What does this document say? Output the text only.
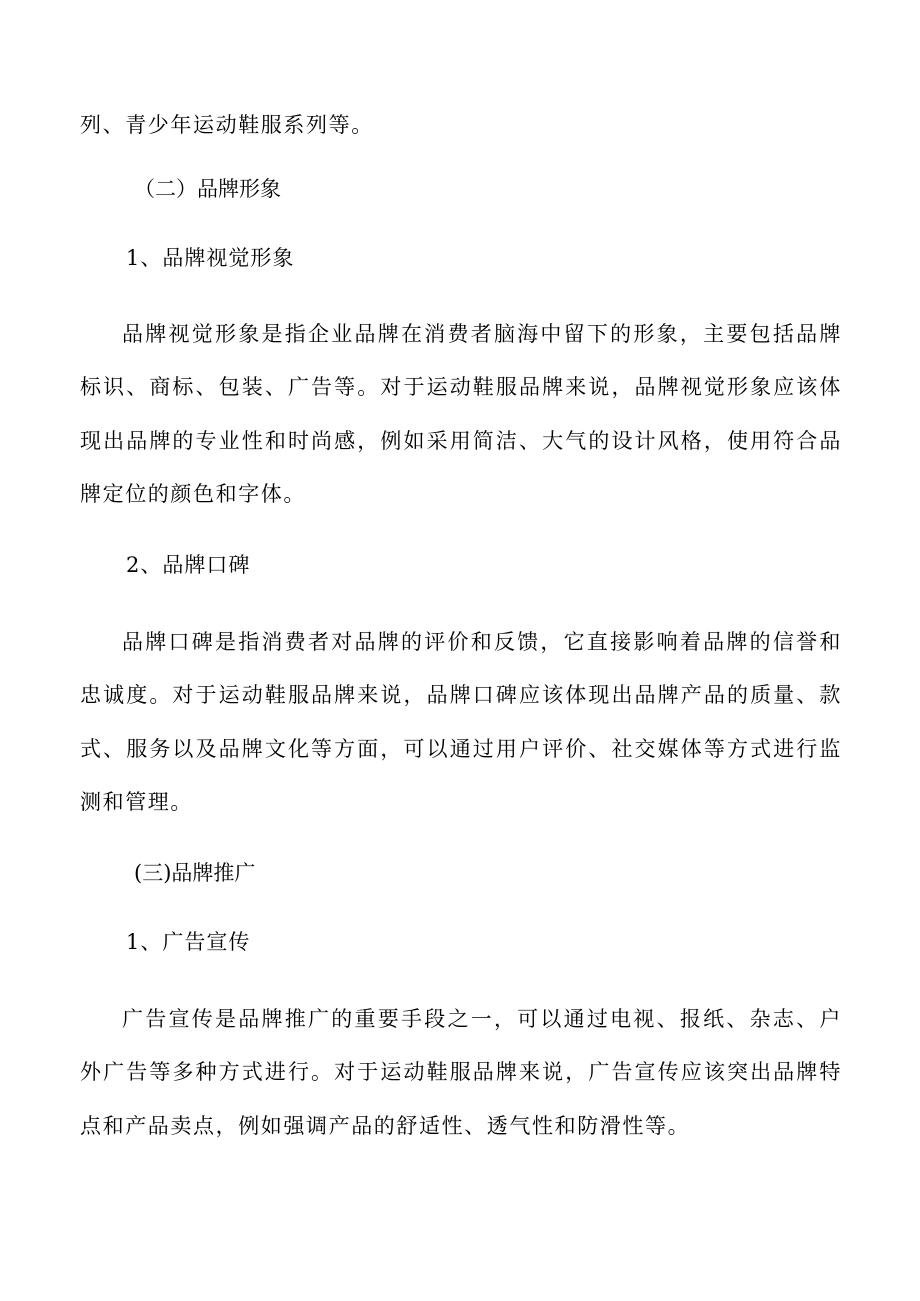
列、青少年运动鞋服系列等。

（二）品牌形象
1、品牌视觉形象

品牌视觉形象是指企业品牌在消费者脑海中留下的形象，主要包括品牌标识、商标、包装、广告等。对于运动鞋服品牌来说，品牌视觉形象应该体现出品牌的专业性和时尚感，例如采用简洁、大气的设计风格，使用符合品牌定位的颜色和字体。

2、品牌口碑

品牌口碑是指消费者对品牌的评价和反馈，它直接影响着品牌的信誉和忠诚度。对于运动鞋服品牌来说，品牌口碑应该体现出品牌产品的质量、款式、服务以及品牌文化等方面，可以通过用户评价、社交媒体等方式进行监测和管理。

(三)品牌推广
1、广告宣传

广告宣传是品牌推广的重要手段之一，可以通过电视、报纸、杂志、户外广告等多种方式进行。对于运动鞋服品牌来说，广告宣传应该突出品牌特点和产品卖点，例如强调产品的舒适性、透气性和防滑性等。
